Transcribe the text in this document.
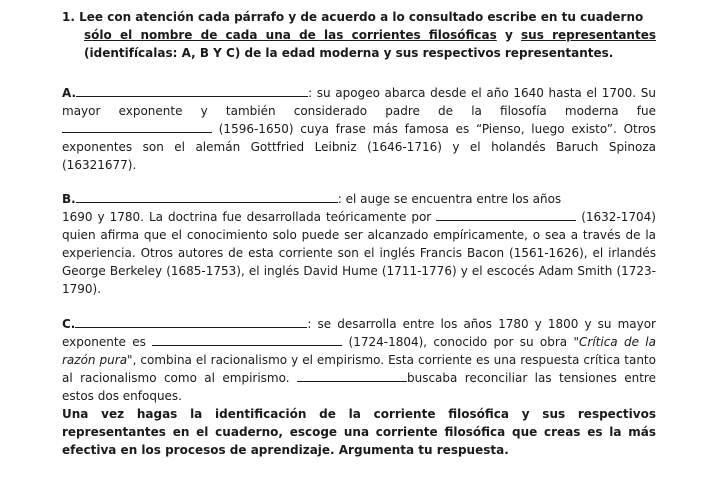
1. Lee con atención cada párrafo y de acuerdo a lo consultado escribe en tu cuaderno
sólo el nombre de cada una de las corrientes filosóficas y sus representantes (identifícalas: A, B Y C) de la edad moderna y sus respectivos representantes.
A.	: su apogeo abarca desde el año 1640 hasta el 1700. Su mayor exponente y también considerado padre de la filosofía moderna fue  (1596-1650) cuya frase más famosa es “Pienso, luego existo”. Otros exponentes son el alemán Gottfried Leibniz (1646-1716) y el holandés Baruch Spinoza (16321677).
B.	: el auge se encuentra entre los años
1690 y 1780. La doctrina fue desarrollada teóricamente por	(1632-1704) quien afirma que el conocimiento solo puede ser alcanzado empíricamente, o sea a través de la experiencia. Otros autores de esta corriente son el inglés Francis Bacon (1561-1626), el irlandés George Berkeley (1685-1753), el inglés David Hume (1711-1776) y el escocés Adam Smith (1723-1790).
C.	: se desarrolla entre los años 1780 y 1800 y su mayor exponente es	(1724-1804), conocido por su obra "Crítica de la razón pura", combina el racionalismo y el empirismo. Esta corriente es una respuesta crítica tanto al racionalismo como al empirismo.	buscaba reconciliar las tensiones entre estos dos enfoques.
Una vez hagas la identificación de la corriente filosófica y sus respectivos representantes en el cuaderno, escoge una corriente filosófica que creas es la más efectiva en los procesos de aprendizaje. Argumenta tu respuesta.
